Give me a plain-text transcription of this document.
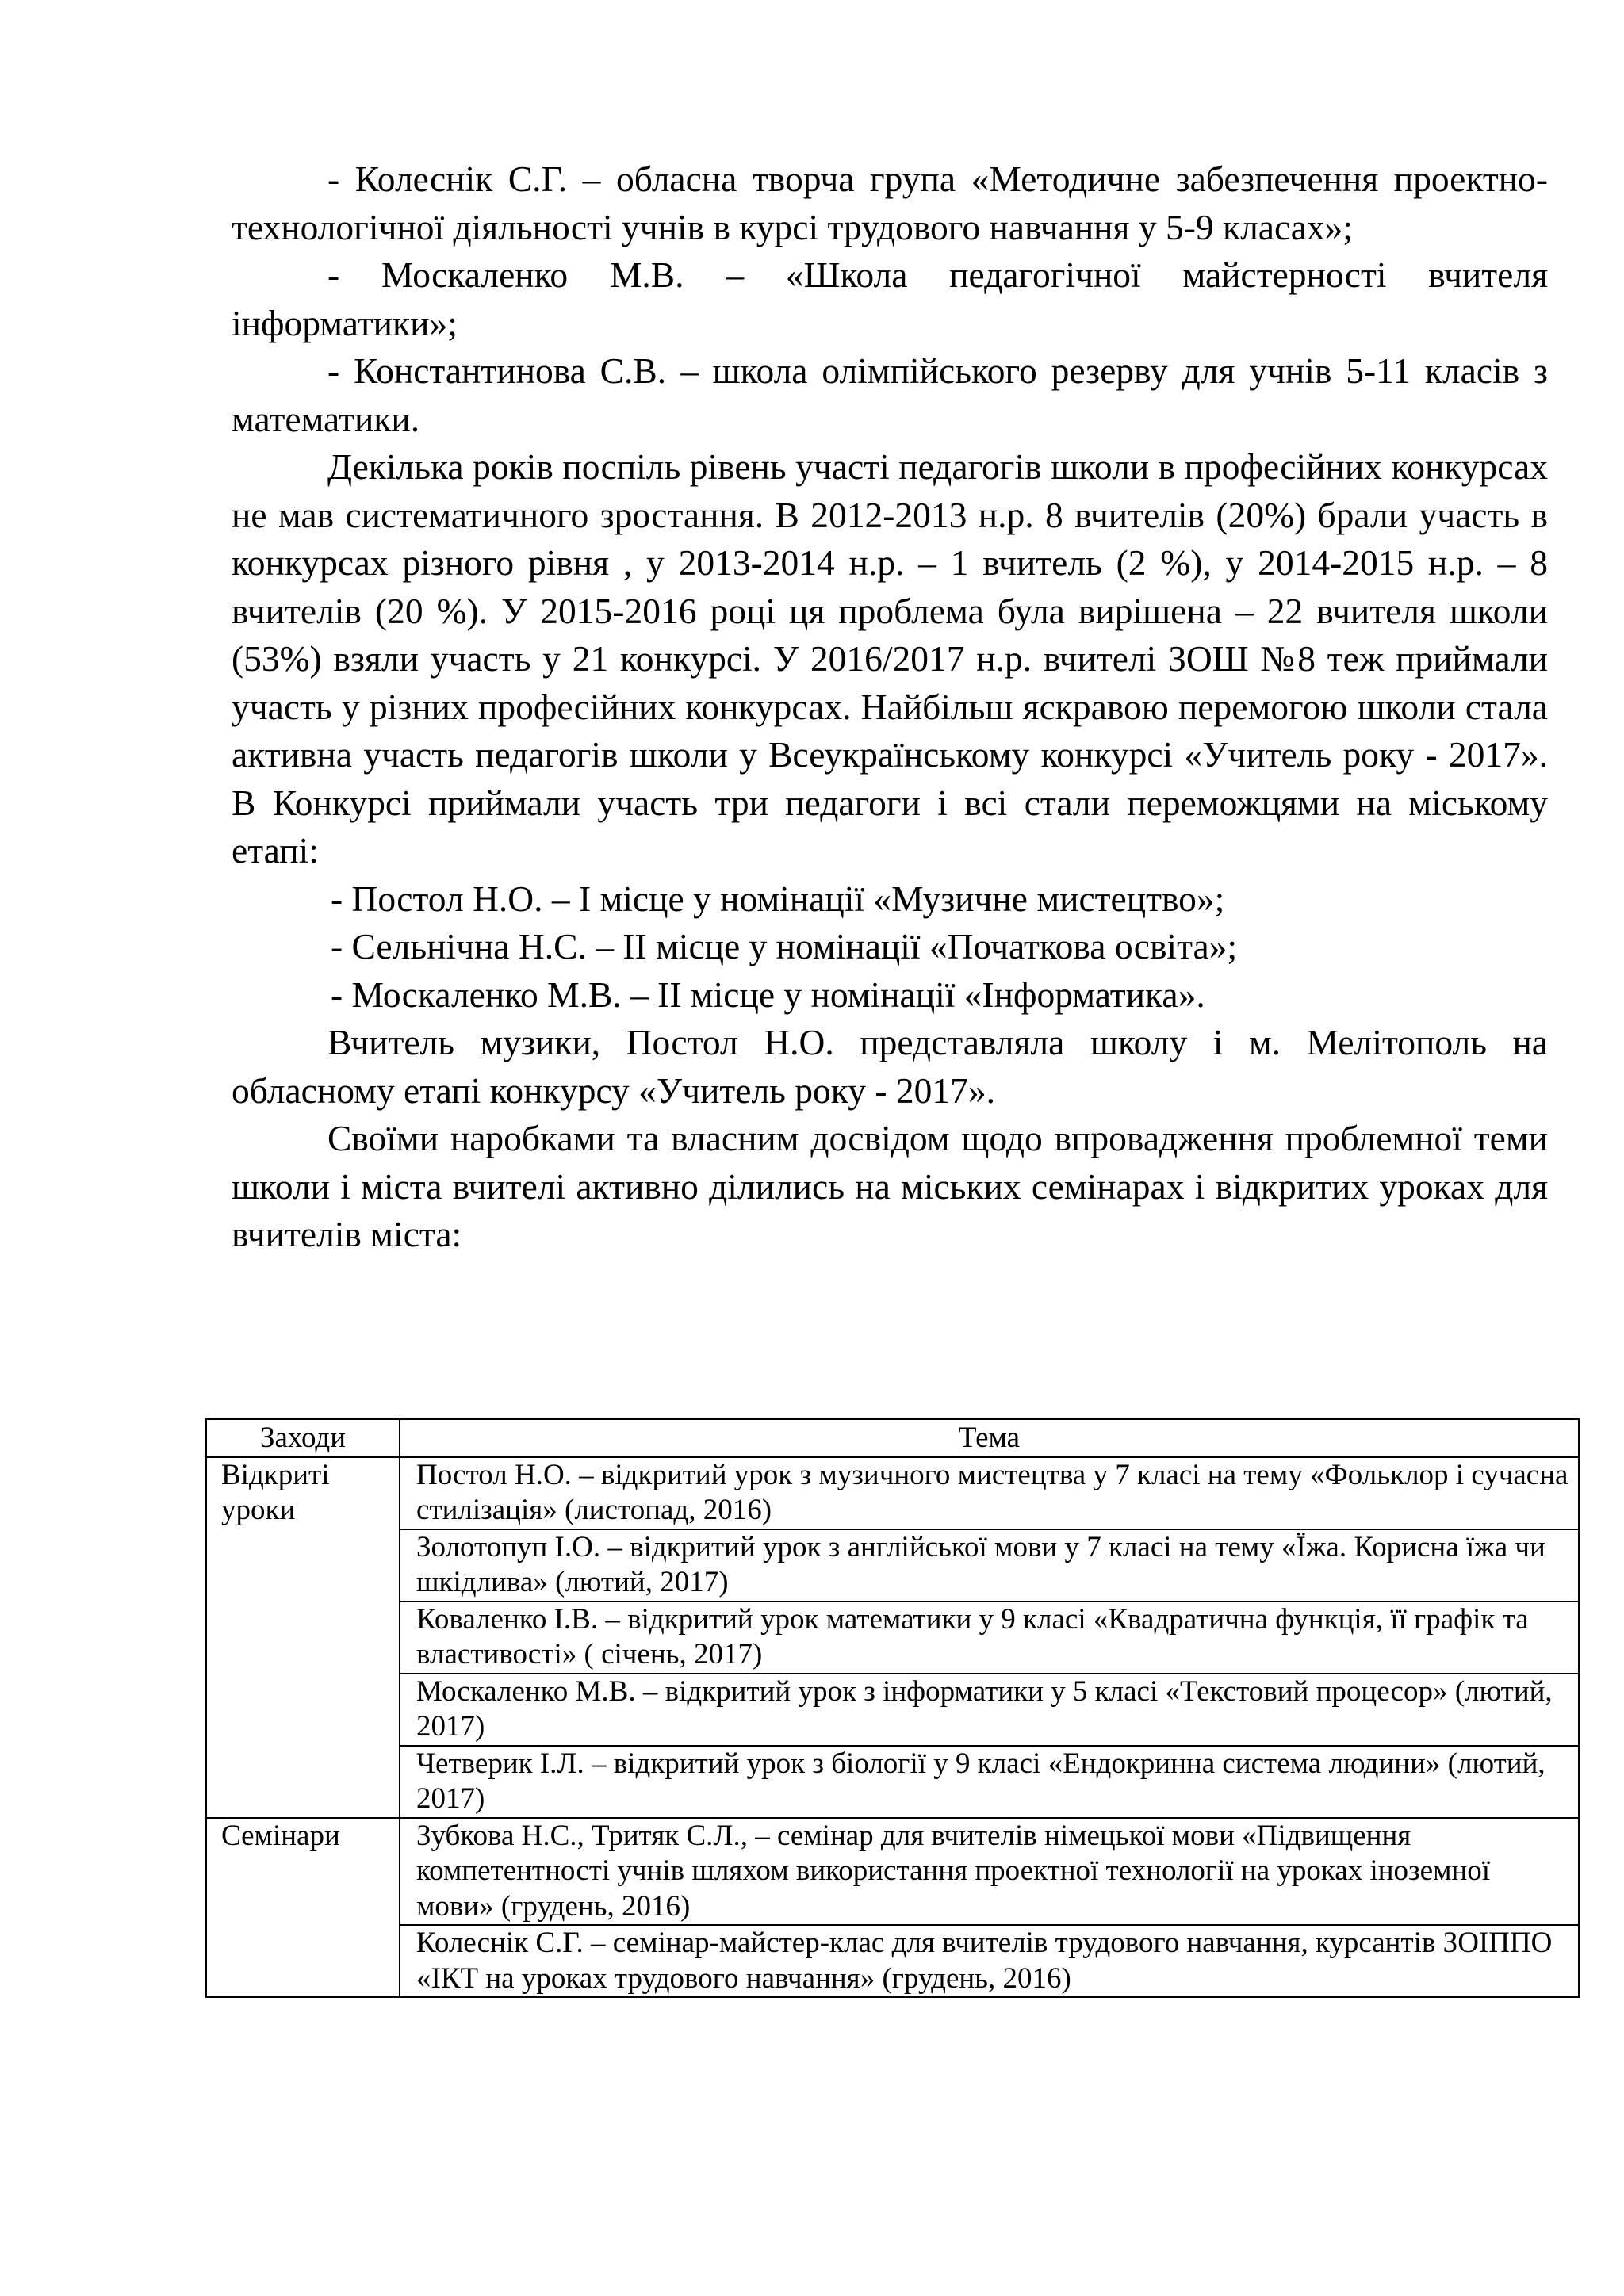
- Колеснік С.Г. – обласна творча група «Методичне забезпечення проектно-технологічної діяльності учнів в курсі трудового навчання у 5-9 класах»;

- Москаленко М.В. – «Школа педагогічної майстерності вчителя інформатики»;

- Константинова С.В. – школа олімпійського резерву для учнів 5-11 класів з математики.

Декілька років поспіль рівень участі педагогів школи в професійних конкурсах не мав систематичного зростання. В 2012-2013 н.р. 8 вчителів (20%) брали участь в конкурсах різного рівня , у 2013-2014 н.р. – 1 вчитель (2 %), у 2014-2015 н.р. – 8 вчителів (20 %). У 2015-2016 році ця проблема була вирішена – 22 вчителя школи (53%) взяли участь у 21 конкурсі. У 2016/2017 н.р. вчителі ЗОШ №8 теж приймали участь у різних професійних конкурсах. Найбільш яскравою перемогою школи стала активна участь педагогів школи у Всеукраїнському конкурсі «Учитель року - 2017». В Конкурсі приймали участь три педагоги і всі стали переможцями на міському етапі:

- Постол Н.О. – I місце у номінації «Музичне мистецтво»;

- Сельнічна Н.С. – II місце у номінації «Початкова освіта»;

- Москаленко М.В. – II місце у номінації «Інформатика».

Вчитель музики, Постол Н.О. представляла школу і м. Мелітополь на обласному етапі конкурсу «Учитель року - 2017».

Своїми наробками та власним досвідом щодо впровадження проблемної теми школи і міста вчителі активно ділились на міських семінарах і відкритих уроках для вчителів міста:

Заходи	Тема
Відкриті уроки	Постол Н.О. – відкритий урок з музичного мистецтва у 7 класі на тему «Фольклор і сучасна стилізація» (листопад, 2016)
	Золотопуп І.О. – відкритий урок з англійської мови у 7 класі на тему «Їжа. Корисна їжа чи шкідлива» (лютий, 2017)
	Коваленко І.В. – відкритий урок математики у 9 класі «Квадратична функція, її графік та властивості» ( січень, 2017)
	Москаленко М.В. – відкритий урок з інформатики у 5 класі «Текстовий процесор» (лютий, 2017)
	Четверик І.Л. – відкритий урок з біології у 9 класі «Ендокринна система людини» (лютий, 2017)
Семінари	Зубкова Н.С., Тритяк С.Л., – семінар для вчителів німецької мови «Підвищення компетентності учнів шляхом використання проектної технології на уроках іноземної мови» (грудень, 2016)
	Колеснік С.Г. – семінар-майстер-клас для вчителів трудового навчання, курсантів ЗОІППО «ІКТ на уроках трудового навчання» (грудень, 2016)
